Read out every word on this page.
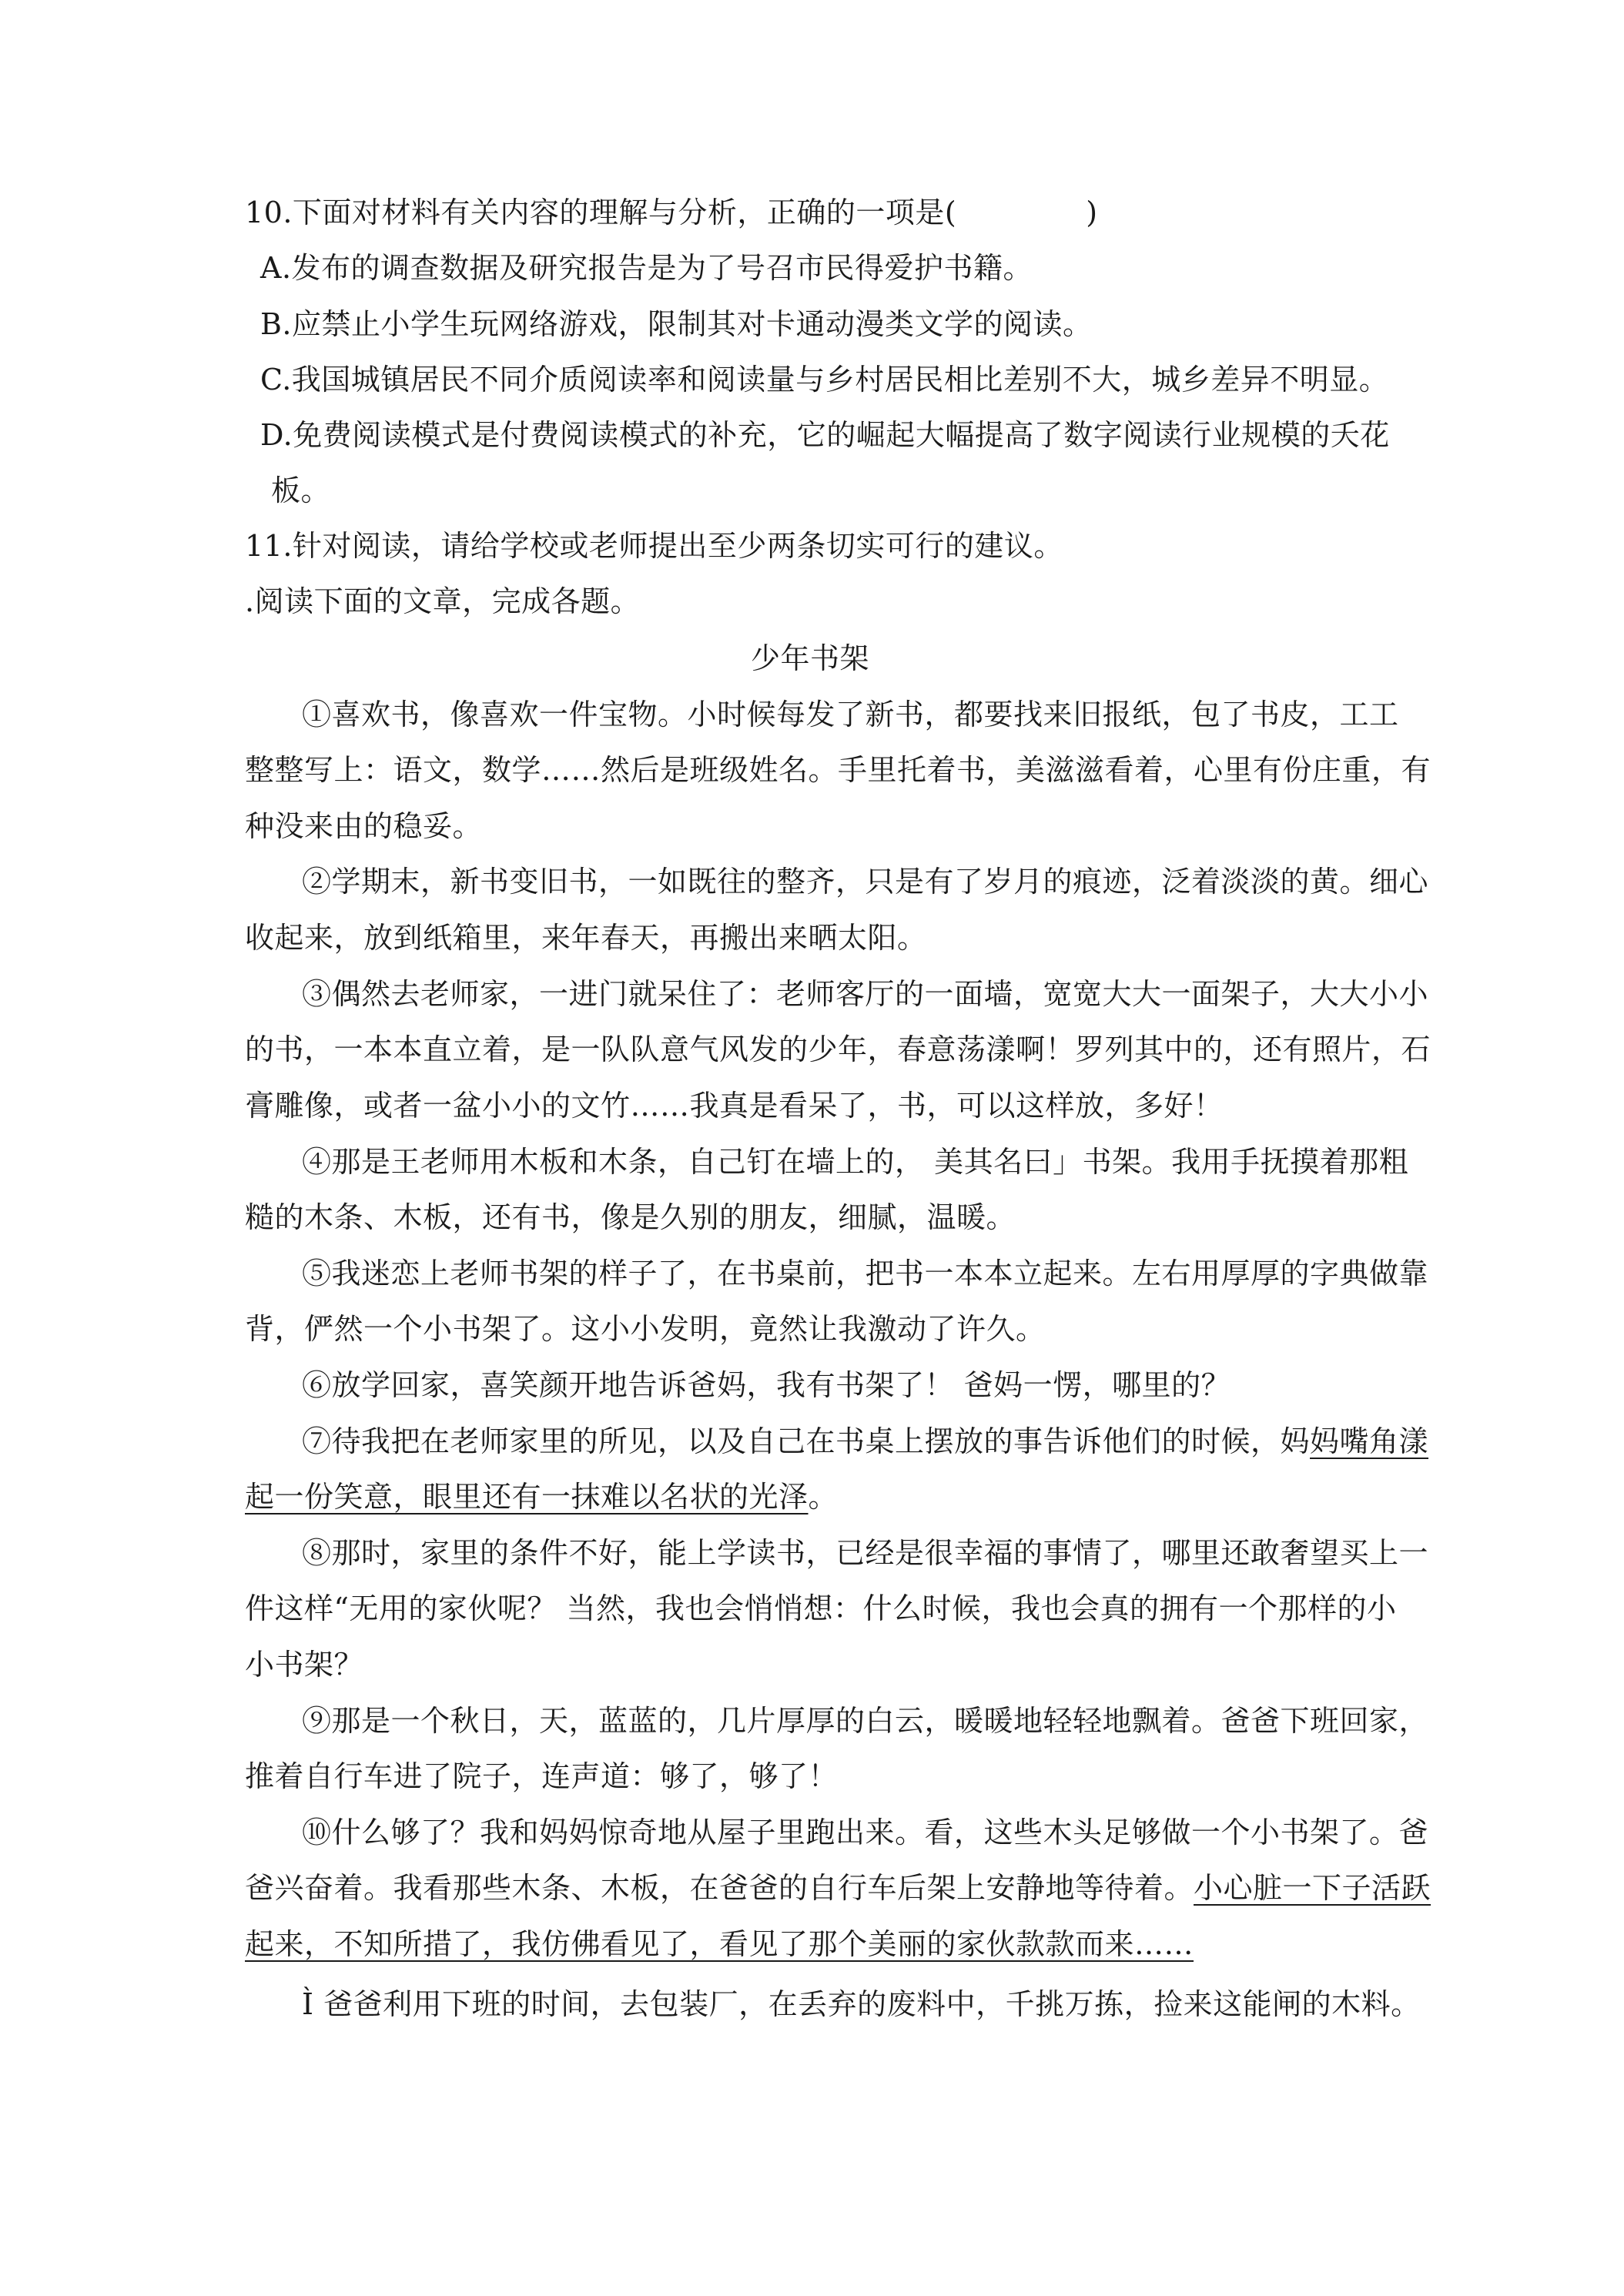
10.下面对材料有关内容的理解与分析，正确的一项是(	)
A.发布的调查数据及研究报告是为了号召市民得爱护书籍。
B.应禁止小学生玩网络游戏，限制其对卡通动漫类文学的阅读。
C.我国城镇居民不同介质阅读率和阅读量与乡村居民相比差别不大，城乡差异不明显。
D.免费阅读模式是付费阅读模式的补充，它的崛起大幅提高了数字阅读行业规模的夭花
板。
11.针对阅读，请给学校或老师提出至少两条切实可行的建议。
.阅读下面的文章，完成各题。
少年书架
①喜欢书，像喜欢一件宝物。小时候每发了新书，都要找来旧报纸，包了书皮，工工
整整写上：语文，数学……然后是班级姓名。手里托着书，美滋滋看着，心里有份庄重，有
种没来由的稳妥。
②学期末，新书变旧书，一如既往的整齐，只是有了岁月的痕迹，泛着淡淡的黄。细心
收起来，放到纸箱里，来年春天，再搬出来晒太阳。
③偶然去老师家，一进门就呆住了：老师客厅的一面墙，宽宽大大一面架子，大大小小
的书，一本本直立着，是一队队意气风发的少年，春意荡漾啊！罗列其中的，还有照片，石
膏雕像，或者一盆小小的文竹……我真是看呆了，书，可以这样放，多好！
④那是王老师用木板和木条，自己钉在墙上的， 美其名曰」书架。我用手抚摸着那粗
糙的木条、木板，还有书，像是久别的朋友，细腻，温暖。
⑤我迷恋上老师书架的样子了，在书桌前，把书一本本立起来。左右用厚厚的字典做靠
背，俨然一个小书架了。这小小发明，竟然让我激动了许久。
⑥放学回家，喜笑颜开地告诉爸妈，我有书架了！ 爸妈一愣，哪里的？
⑦待我把在老师家里的所见，以及自己在书桌上摆放的事告诉他们的时候，妈妈嘴角漾
起一份笑意，眼里还有一抹难以名状的光泽。
⑧那时，家里的条件不好，能上学读书，已经是很幸福的事情了，哪里还敢奢望买上一
件这样“无用的家伙呢？ 当然，我也会悄悄想：什么时候，我也会真的拥有一个那样的小
小书架？
⑨那是一个秋日，天，蓝蓝的，几片厚厚的白云，暖暖地轻轻地飘着。爸爸下班回家，
推着自行车进了院子，连声道：够了，够了！
⑩什么够了？我和妈妈惊奇地从屋子里跑出来。看，这些木头足够做一个小书架了。爸
爸兴奋着。我看那些木条、木板，在爸爸的自行车后架上安静地等待着。小心脏一下子活跃
起来，不知所措了，我仿佛看见了，看见了那个美丽的家伙款款而来……
Ì 爸爸利用下班的时间，去包装厂，在丢弃的废料中，千挑万拣，捡来这能闸的木料。
